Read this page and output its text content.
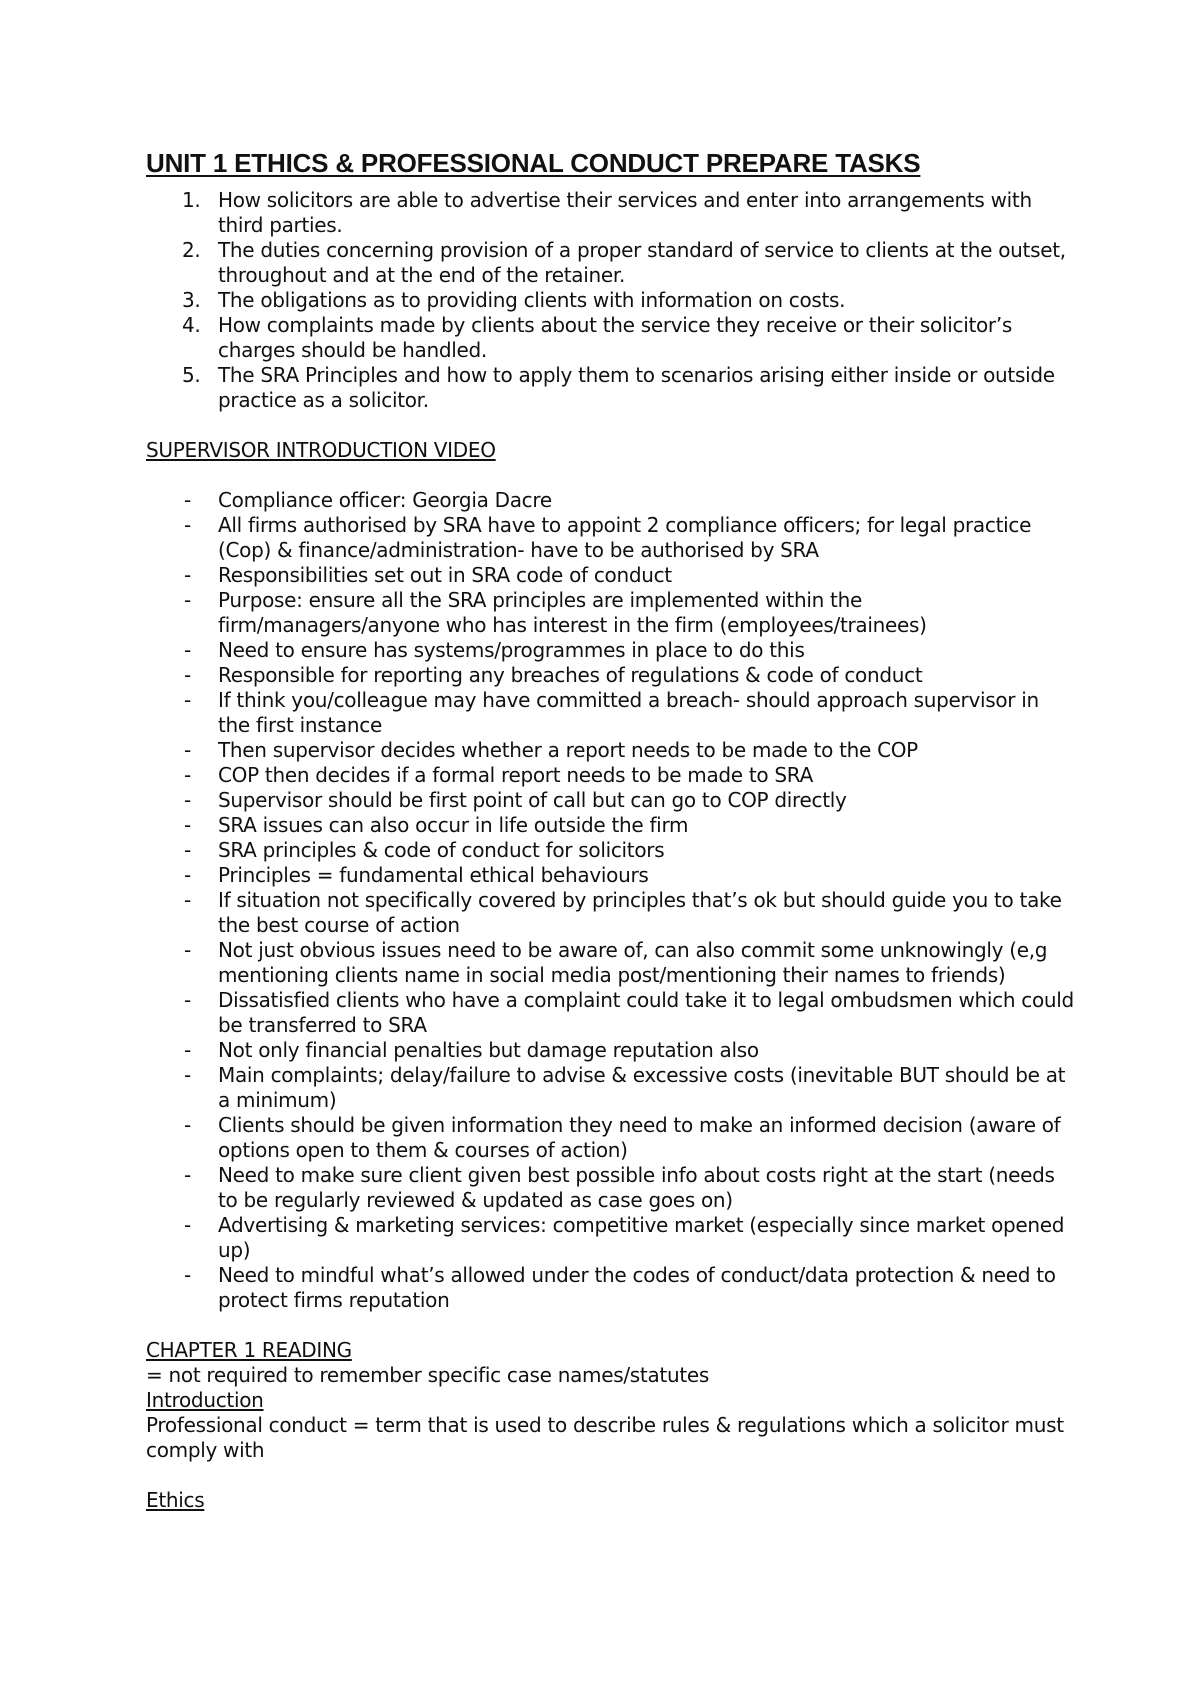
UNIT 1 ETHICS & PROFESSIONAL CONDUCT PREPARE TASKS
1. How solicitors are able to advertise their services and enter into arrangements with third parties.
2. The duties concerning provision of a proper standard of service to clients at the outset, throughout and at the end of the retainer.
3. The obligations as to providing clients with information on costs.
4. How complaints made by clients about the service they receive or their solicitor’s charges should be handled.
5. The SRA Principles and how to apply them to scenarios arising either inside or outside practice as a solicitor.

SUPERVISOR INTRODUCTION VIDEO

- Compliance officer: Georgia Dacre
- All firms authorised by SRA have to appoint 2 compliance officers; for legal practice (Cop) & finance/administration- have to be authorised by SRA
- Responsibilities set out in SRA code of conduct
- Purpose: ensure all the SRA principles are implemented within the firm/managers/anyone who has interest in the firm (employees/trainees)
- Need to ensure has systems/programmes in place to do this
- Responsible for reporting any breaches of regulations & code of conduct
- If think you/colleague may have committed a breach- should approach supervisor in the first instance
- Then supervisor decides whether a report needs to be made to the COP
- COP then decides if a formal report needs to be made to SRA
- Supervisor should be first point of call but can go to COP directly
- SRA issues can also occur in life outside the firm
- SRA principles & code of conduct for solicitors
- Principles = fundamental ethical behaviours
- If situation not specifically covered by principles that’s ok but should guide you to take the best course of action
- Not just obvious issues need to be aware of, can also commit some unknowingly (e,g mentioning clients name in social media post/mentioning their names to friends)
- Dissatisfied clients who have a complaint could take it to legal ombudsmen which could be transferred to SRA
- Not only financial penalties but damage reputation also
- Main complaints; delay/failure to advise & excessive costs (inevitable BUT should be at a minimum)
- Clients should be given information they need to make an informed decision (aware of options open to them & courses of action)
- Need to make sure client given best possible info about costs right at the start (needs to be regularly reviewed & updated as case goes on)
- Advertising & marketing services: competitive market (especially since market opened up)
- Need to mindful what’s allowed under the codes of conduct/data protection & need to protect firms reputation

CHAPTER 1 READING

= not required to remember specific case names/statutes

Introduction

Professional conduct = term that is used to describe rules & regulations which a solicitor must comply with

Ethics
